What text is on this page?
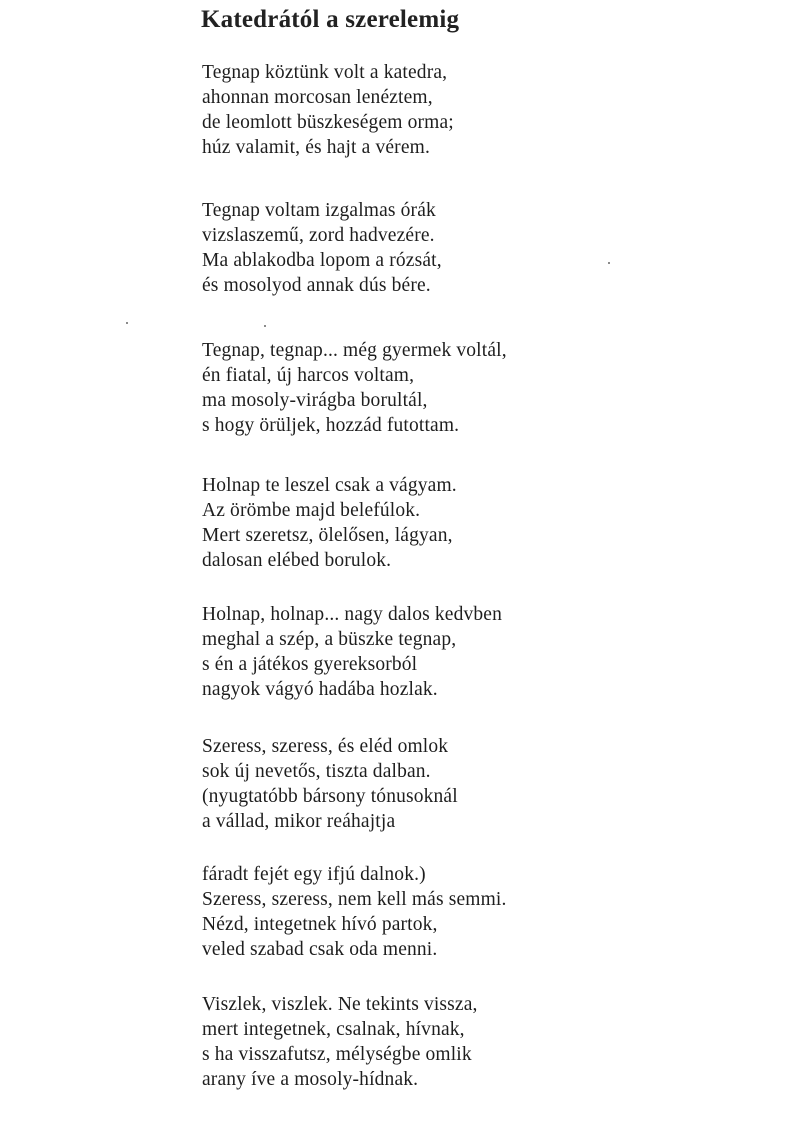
Katedrától a szerelemig
Tegnap köztünk volt a katedra,
ahonnan morcosan lenéztem,
de leomlott büszkeségem orma;
húz valamit, és hajt a vérem.
Tegnap voltam izgalmas órák
vizslaszemű, zord hadvezére.
Ma ablakodba lopom a rózsát,
és mosolyod annak dús bére.
Tegnap, tegnap... még gyermek voltál,
én fiatal, új harcos voltam,
ma mosoly-virágba borultál,
s hogy örüljek, hozzád futottam.
Holnap te leszel csak a vágyam.
Az örömbe majd belefúlok.
Mert szeretsz, ölelősen, lágyan,
dalosan elébed borulok.
Holnap, holnap... nagy dalos kedvben
meghal a szép, a büszke tegnap,
s én a játékos gyereksorból
nagyok vágyó hadába hozlak.
Szeress, szeress, és eléd omlok
sok új nevetős, tiszta dalban.
(nyugtatóbb bársony tónusoknál
a vállad, mikor reáhajtja
fáradt fejét egy ifjú dalnok.)
Szeress, szeress, nem kell más semmi.
Nézd, integetnek hívó partok,
veled szabad csak oda menni.
Viszlek, viszlek. Ne tekints vissza,
mert integetnek, csalnak, hívnak,
s ha visszafutsz, mélységbe omlik
arany íve a mosoly-hídnak.
